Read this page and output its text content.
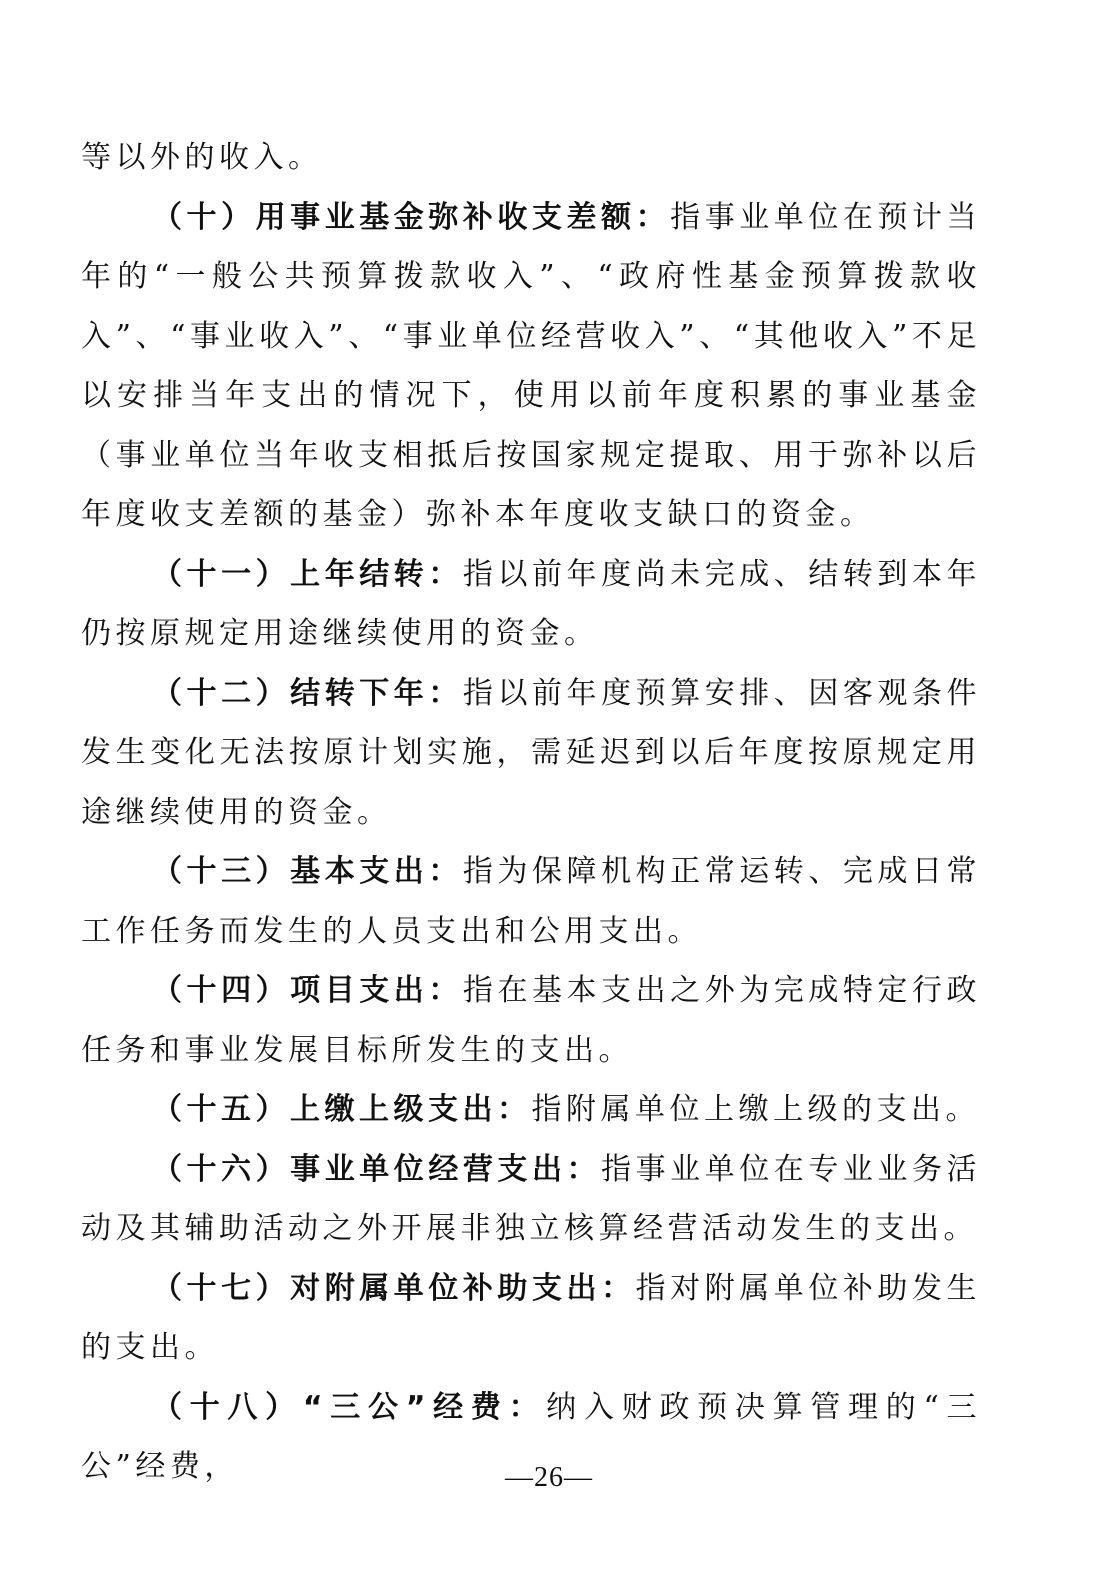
等以外的收入。

（十）用事业基金弥补收支差额：指事业单位在预计当年的“一般公共预算拨款收入”、“政府性基金预算拨款收入”、“事业收入”、“事业单位经营收入”、“其他收入”不足以安排当年支出的情况下，使用以前年度积累的事业基金（事业单位当年收支相抵后按国家规定提取、用于弥补以后年度收支差额的基金）弥补本年度收支缺口的资金。

（十一）上年结转：指以前年度尚未完成、结转到本年仍按原规定用途继续使用的资金。

（十二）结转下年：指以前年度预算安排、因客观条件发生变化无法按原计划实施，需延迟到以后年度按原规定用途继续使用的资金。

（十三）基本支出：指为保障机构正常运转、完成日常工作任务而发生的人员支出和公用支出。

（十四）项目支出：指在基本支出之外为完成特定行政任务和事业发展目标所发生的支出。

（十五）上缴上级支出：指附属单位上缴上级的支出。

（十六）事业单位经营支出：指事业单位在专业业务活动及其辅助活动之外开展非独立核算经营活动发生的支出。

（十七）对附属单位补助支出：指对附属单位补助发生的支出。

（十八）“三公”经费：纳入财政预决算管理的“三公”经费，	—26—
